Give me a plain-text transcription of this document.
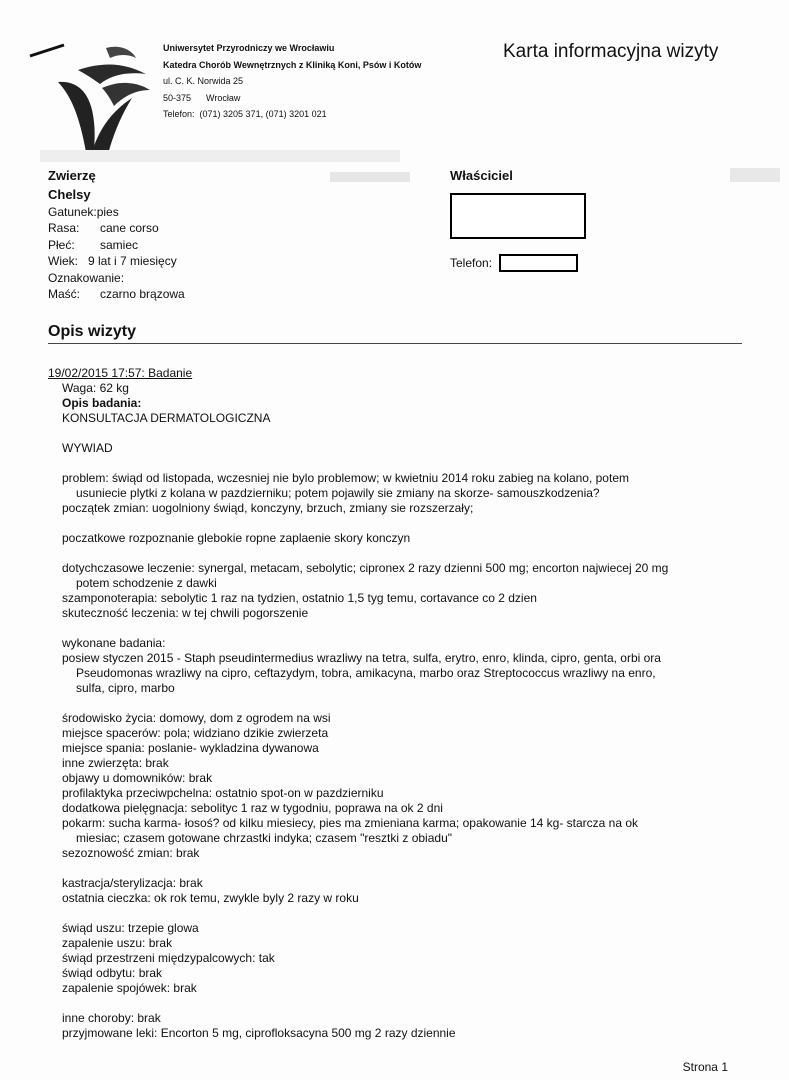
Uniwersytet Przyrodniczy we Wrocławiu
Katedra Chorób Wewnętrznych z Kliniką Koni, Psów i Kotów
ul. C. K. Norwida 25
50-375      Wrocław
Telefon:  (071) 3205 371, (071) 3201 021
Karta informacyjna wizyty
Zwierzę
Chelsy
Gatunek:pies
Rasa:	cane corso
Płeć:	samiec
Wiek: 9 lat i 7 miesięcy
Oznakowanie:
Maść:	czarno brązowa
Właściciel
Telefon:
Opis wizyty
19/02/2015 17:57: Badanie
Waga: 62 kg
Opis badania:
KONSULTACJA DERMATOLOGICZNA
WYWIAD
problem: świąd od listopada, wczesniej nie bylo problemow; w kwietniu 2014 roku zabieg na kolano, potem
usuniecie plytki z kolana w pazdzierniku; potem pojawily sie zmiany na skorze- samouszkodzenia?
początek zmian: uogolniony świąd, konczyny, brzuch, zmiany sie rozszerzały;
poczatkowe rozpoznanie glebokie ropne zaplaenie skory konczyn
dotychczasowe leczenie: synergal, metacam, sebolytic; cipronex 2 razy dzienni 500 mg; encorton najwiecej 20 mg
potem schodzenie z dawki
szamponoterapia: sebolytic 1 raz na tydzien, ostatnio 1,5 tyg temu, cortavance co 2 dzien
skuteczność leczenia: w tej chwili pogorszenie
wykonane badania:
posiew styczen 2015 - Staph pseudintermedius wrazliwy na tetra, sulfa, erytro, enro, klinda, cipro, genta, orbi ora
Pseudomonas wrazliwy na cipro, ceftazydym, tobra, amikacyna, marbo oraz Streptococcus wrazliwy na enro,
sulfa, cipro, marbo
środowisko życia: domowy, dom z ogrodem na wsi
miejsce spacerów: pola; widziano dzikie zwierzeta
miejsce spania: poslanie- wykladzina dywanowa
inne zwierzęta: brak
objawy u domowników: brak
profilaktyka przeciwpchelna: ostatnio spot-on w pazdzierniku
dodatkowa pielęgnacja: sebolityc 1 raz w tygodniu, poprawa na ok 2 dni
pokarm: sucha karma- łosoś? od kilku miesiecy, pies ma zmieniana karma; opakowanie 14 kg- starcza na ok
miesiac; czasem gotowane chrzastki indyka; czasem "resztki z obiadu"
sezoznowość zmian: brak
kastracja/sterylizacja: brak
ostatnia cieczka: ok rok temu, zwykle byly 2 razy w roku
świąd uszu: trzepie glowa
zapalenie uszu: brak
świąd przestrzeni międzypalcowych: tak
świąd odbytu: brak
zapalenie spojówek: brak
inne choroby: brak
przyjmowane leki: Encorton 5 mg, ciprofloksacyna 500 mg 2 razy dziennie
Strona 1
